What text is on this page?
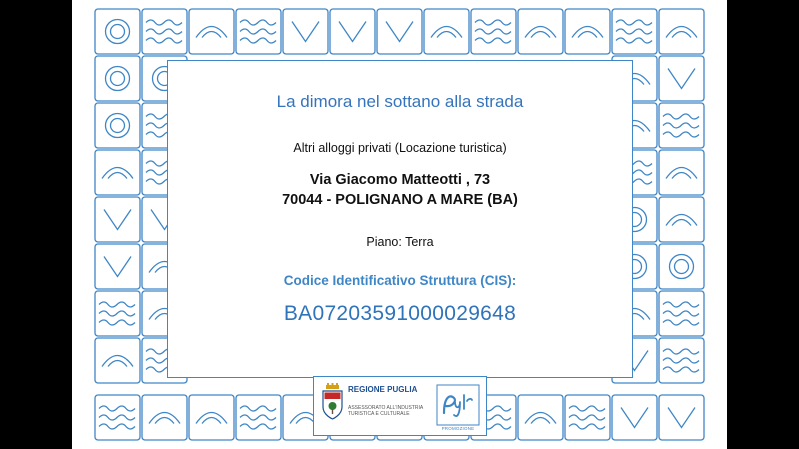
La dimora nel sottano alla strada
Altri alloggi privati (Locazione turistica)
Via Giacomo Matteotti , 73
70044 - POLIGNANO A MARE (BA)
Piano: Terra
Codice Identificativo Struttura (CIS):
BA07203591000029648
REGIONE PUGLIA
ASSESSORATO ALL'INDUSTRIA
TURISTICA E CULTURALE
PROMOZIONE
